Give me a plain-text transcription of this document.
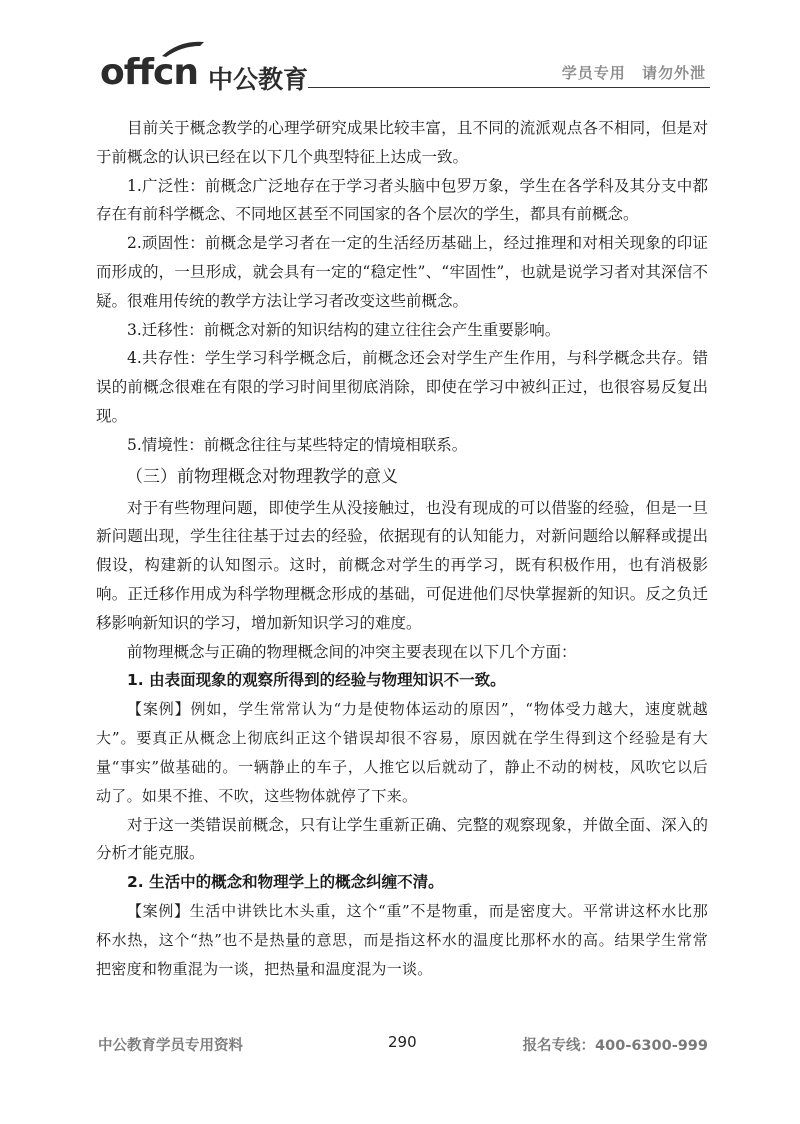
offcn 中公教育	学员专用 请勿外泄

目前关于概念教学的心理学研究成果比较丰富，且不同的流派观点各不相同，但是对于前概念的认识已经在以下几个典型特征上达成一致。

1.广泛性：前概念广泛地存在于学习者头脑中包罗万象，学生在各学科及其分支中都存在有前科学概念、不同地区甚至不同国家的各个层次的学生，都具有前概念。

2.顽固性：前概念是学习者在一定的生活经历基础上，经过推理和对相关现象的印证而形成的，一旦形成，就会具有一定的“稳定性”、“牢固性”，也就是说学习者对其深信不疑。很难用传统的教学方法让学习者改变这些前概念。

3.迁移性：前概念对新的知识结构的建立往往会产生重要影响。

4.共存性：学生学习科学概念后，前概念还会对学生产生作用，与科学概念共存。错误的前概念很难在有限的学习时间里彻底消除，即使在学习中被纠正过，也很容易反复出现。

5.情境性：前概念往往与某些特定的情境相联系。

（三）前物理概念对物理教学的意义

对于有些物理问题，即使学生从没接触过，也没有现成的可以借鉴的经验，但是一旦新问题出现，学生往往基于过去的经验，依据现有的认知能力，对新问题给以解释或提出假设，构建新的认知图示。这时，前概念对学生的再学习，既有积极作用，也有消极影响。正迁移作用成为科学物理概念形成的基础，可促进他们尽快掌握新的知识。反之负迁移影响新知识的学习，增加新知识学习的难度。

前物理概念与正确的物理概念间的冲突主要表现在以下几个方面：

1. 由表面现象的观察所得到的经验与物理知识不一致。

【案例】例如，学生常常认为“力是使物体运动的原因”，“物体受力越大，速度就越大”。要真正从概念上彻底纠正这个错误却很不容易，原因就在学生得到这个经验是有大量“事实”做基础的。一辆静止的车子，人推它以后就动了，静止不动的树枝，风吹它以后动了。如果不推、不吹，这些物体就停了下来。

对于这一类错误前概念，只有让学生重新正确、完整的观察现象，并做全面、深入的分析才能克服。

2. 生活中的概念和物理学上的概念纠缠不清。

【案例】生活中讲铁比木头重，这个“重”不是物重，而是密度大。平常讲这杯水比那杯水热，这个“热”也不是热量的意思，而是指这杯水的温度比那杯水的高。结果学生常常把密度和物重混为一谈，把热量和温度混为一谈。

中公教育学员专用资料	290	报名专线：400-6300-999
